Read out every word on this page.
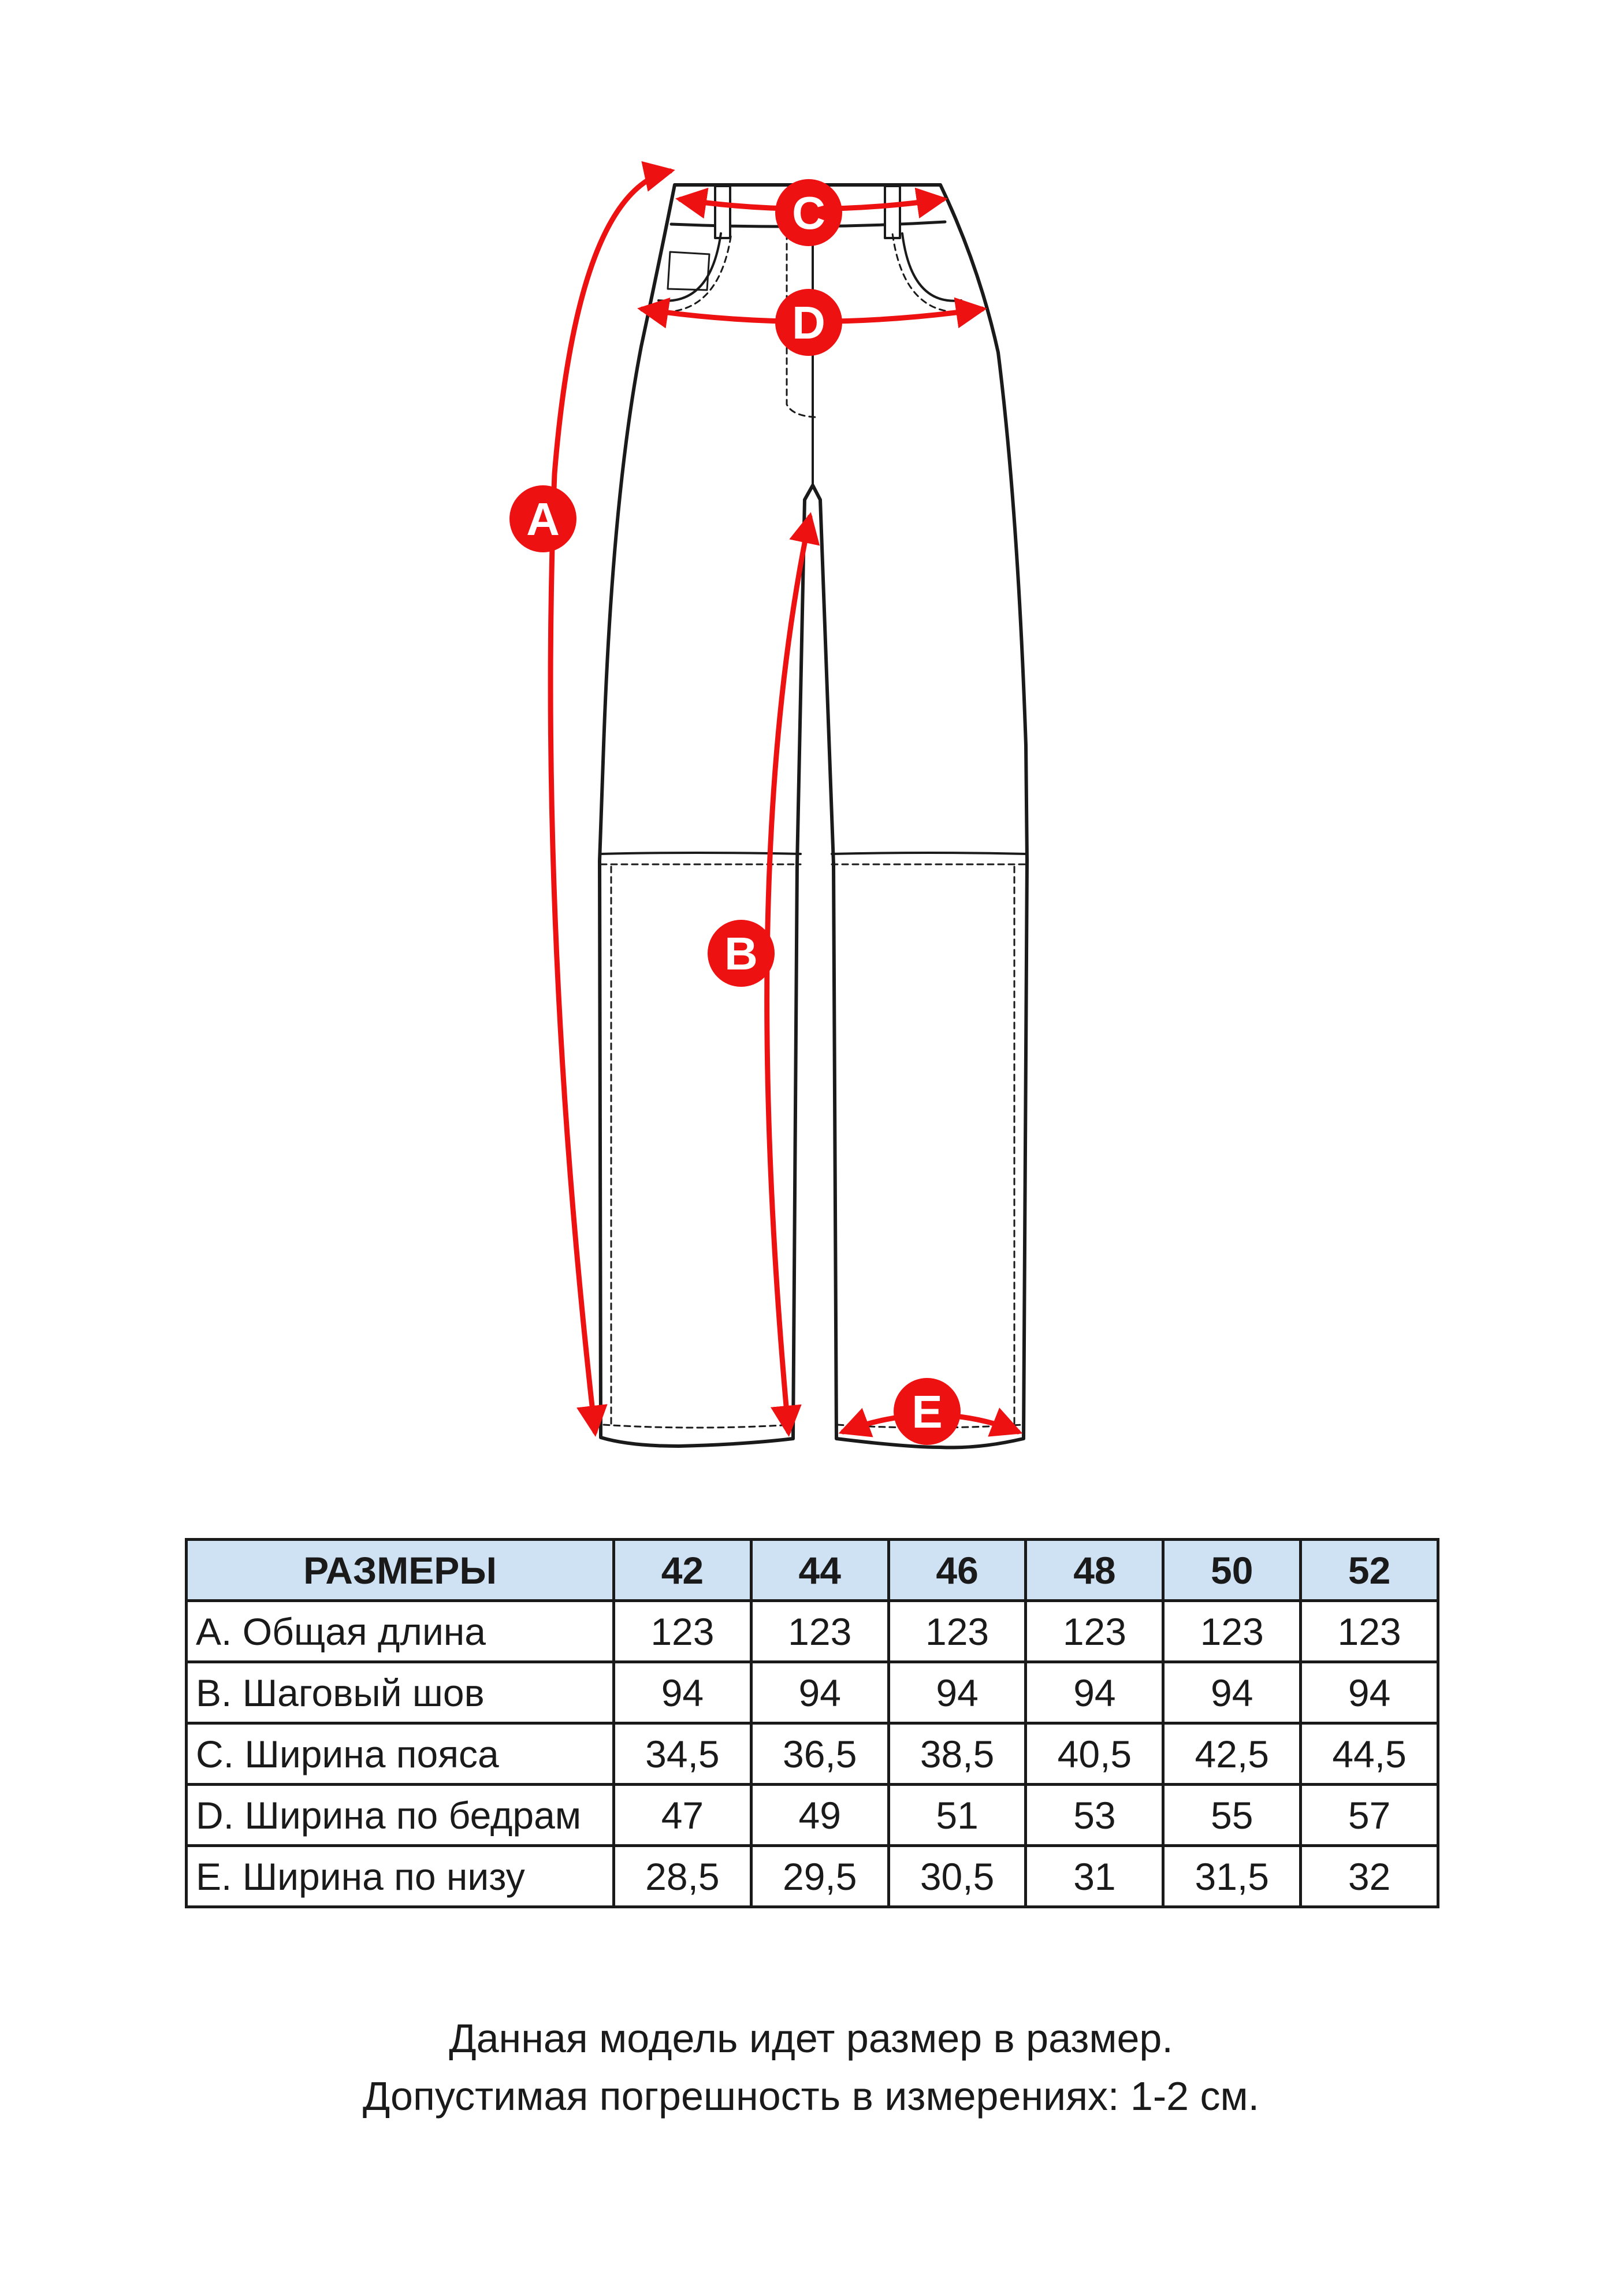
A
B
C
D
E
РАЗМЕРЫ	42	44	46	48	50	52
A. Общая длина	123	123	123	123	123	123
B. Шаговый шов	94	94	94	94	94	94
C. Ширина пояса	34,5	36,5	38,5	40,5	42,5	44,5
D. Ширина по бедрам	47	49	51	53	55	57
E. Ширина по низу	28,5	29,5	30,5	31	31,5	32
Данная модель идет размер в размер.
Допустимая погрешность в измерениях: 1-2 см.
